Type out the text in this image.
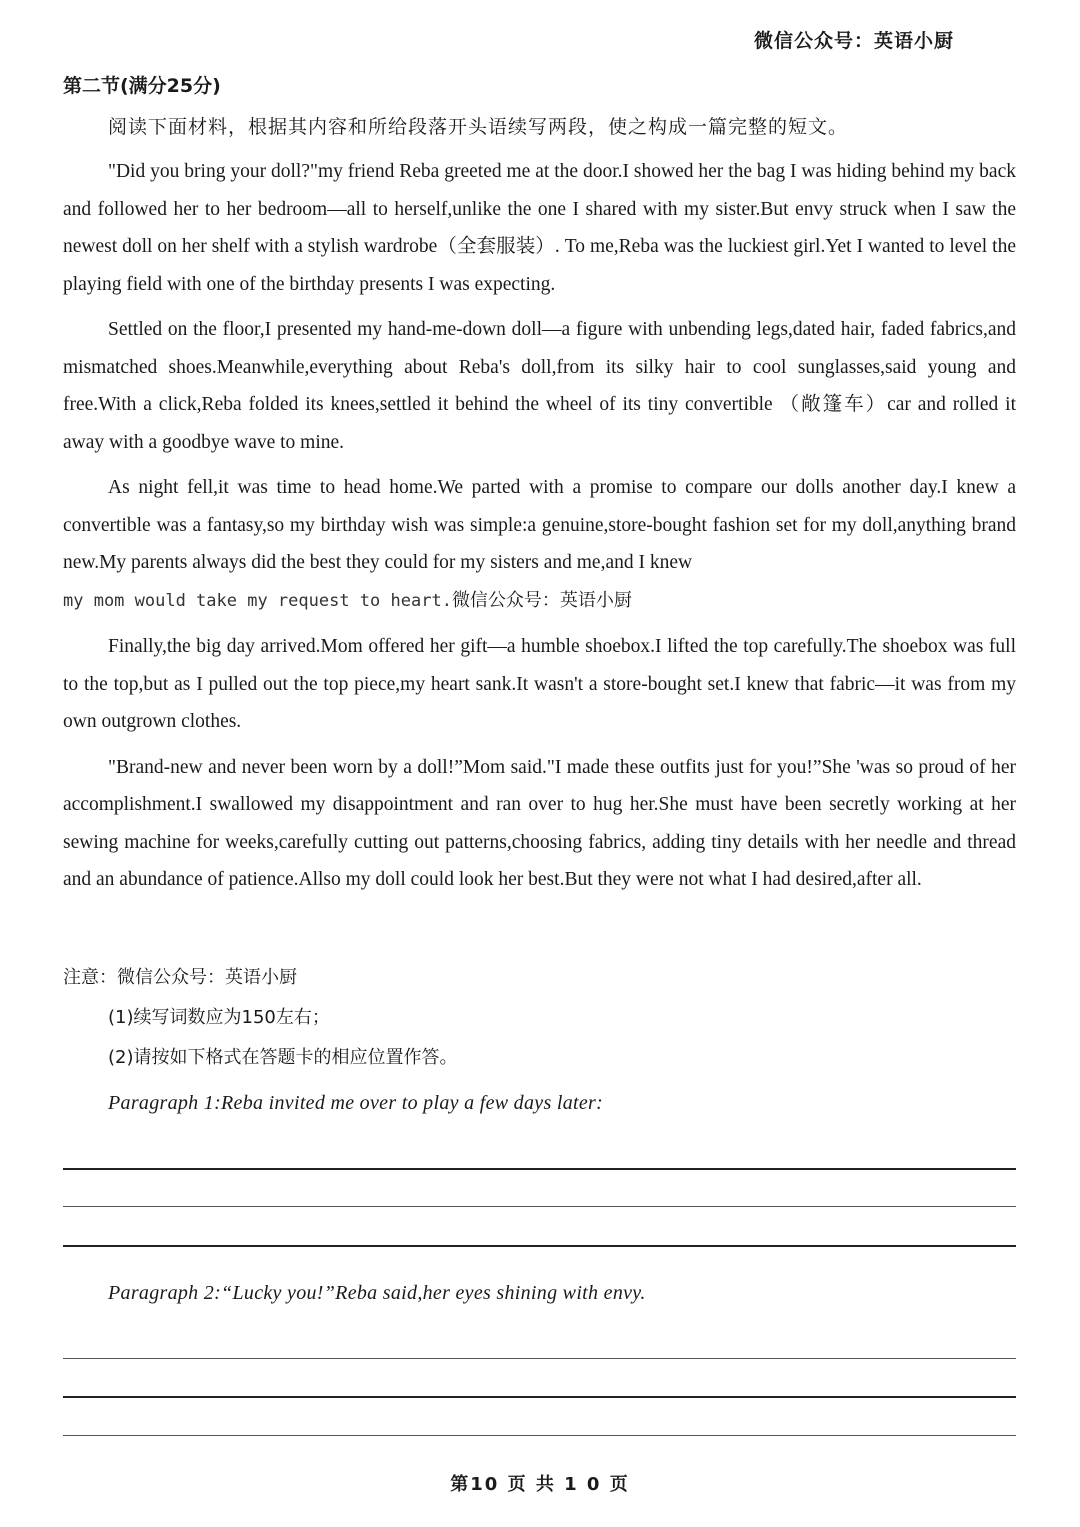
微信公众号：英语小厨
第二节(满分25分)
阅读下面材料，根据其内容和所给段落开头语续写两段，使之构成一篇完整的短文。

"Did you bring your doll?"my friend Reba greeted me at the door.I showed her the bag I was hiding behind my back and followed her to her bedroom—all to herself,unlike the one I shared with my sister.But envy struck when I saw the newest doll on her shelf with a stylish wardrobe（全套服装）. To me,Reba was the luckiest girl.Yet I wanted to level the playing field with one of the birthday presents I was expecting.

Settled on the floor,I presented my hand-me-down doll—a figure with unbending legs,dated hair, faded fabrics,and mismatched shoes.Meanwhile,everything about Reba's doll,from its silky hair to cool sunglasses,said young and free.With a click,Reba folded its knees,settled it behind the wheel of its tiny convertible （敞篷车）car and rolled it away with a goodbye wave to mine.

As night fell,it was time to head home.We parted with a promise to compare our dolls another day.I knew a convertible was a fantasy,so my birthday wish was simple:a genuine,store-bought fashion set for my doll,anything brand new.My parents always did the best they could for my sisters and me,and I knew
my mom would take my request to heart.微信公众号：英语小厨

Finally,the big day arrived.Mom offered her gift—a humble shoebox.I lifted the top carefully.The shoebox was full to the top,but as I pulled out the top piece,my heart sank.It wasn't a store-bought set.I knew that fabric—it was from my own outgrown clothes.

"Brand-new and never been worn by a doll!”Mom said."I made these outfits just for you!”She 'was so proud of her accomplishment.I swallowed my disappointment and ran over to hug her.She must have been secretly working at her sewing machine for weeks,carefully cutting out patterns,choosing fabrics, adding tiny details with her needle and thread and an abundance of patience.Allso my doll could look her best.But they were not what I had desired,after all.

注意：微信公众号：英语小厨
(1)续写词数应为150左右；
(2)请按如下格式在答题卡的相应位置作答。
Paragraph 1:Reba invited me over to play a few days later:
Paragraph 2:“Lucky you!”Reba said,her eyes shining with envy.
第10 页 共 1 0 页
